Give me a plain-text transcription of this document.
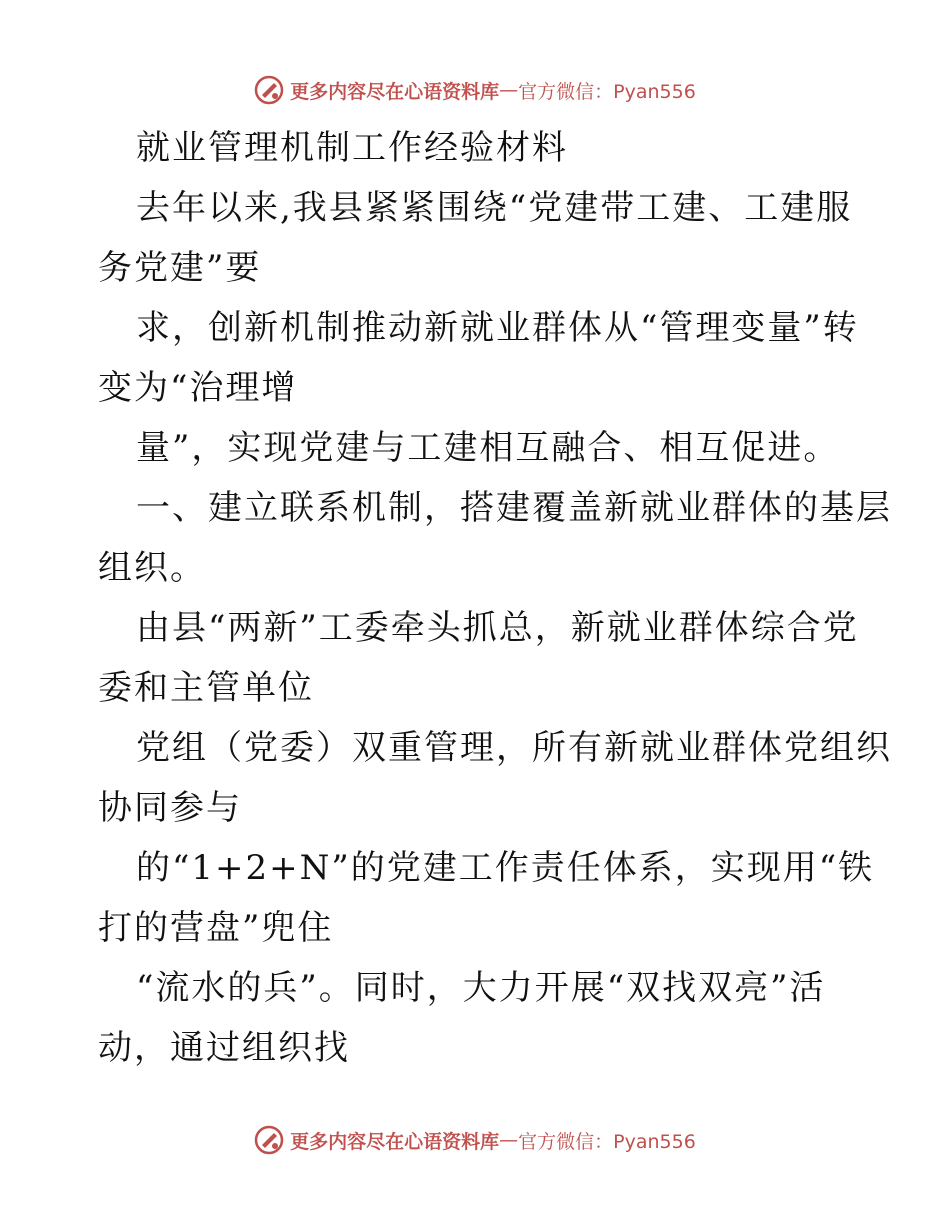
更多内容尽在心语资料库 — 官方微信：Pyan556
就业管理机制工作经验材料
去年以来,我县紧紧围绕“党建带工建、工建服
务党建”要
求，创新机制推动新就业群体从“管理变量”转
变为“治理增
量”，实现党建与工建相互融合、相互促进。
一、建立联系机制，搭建覆盖新就业群体的基层
组织。
由县“两新”工委牵头抓总，新就业群体综合党
委和主管单位
党组（党委）双重管理，所有新就业群体党组织
协同参与
的“1+2+N”的党建工作责任体系，实现用“铁
打的营盘”兜住
“流水的兵”。同时，大力开展“双找双亮”活
动，通过组织找
更多内容尽在心语资料库 — 官方微信：Pyan556
